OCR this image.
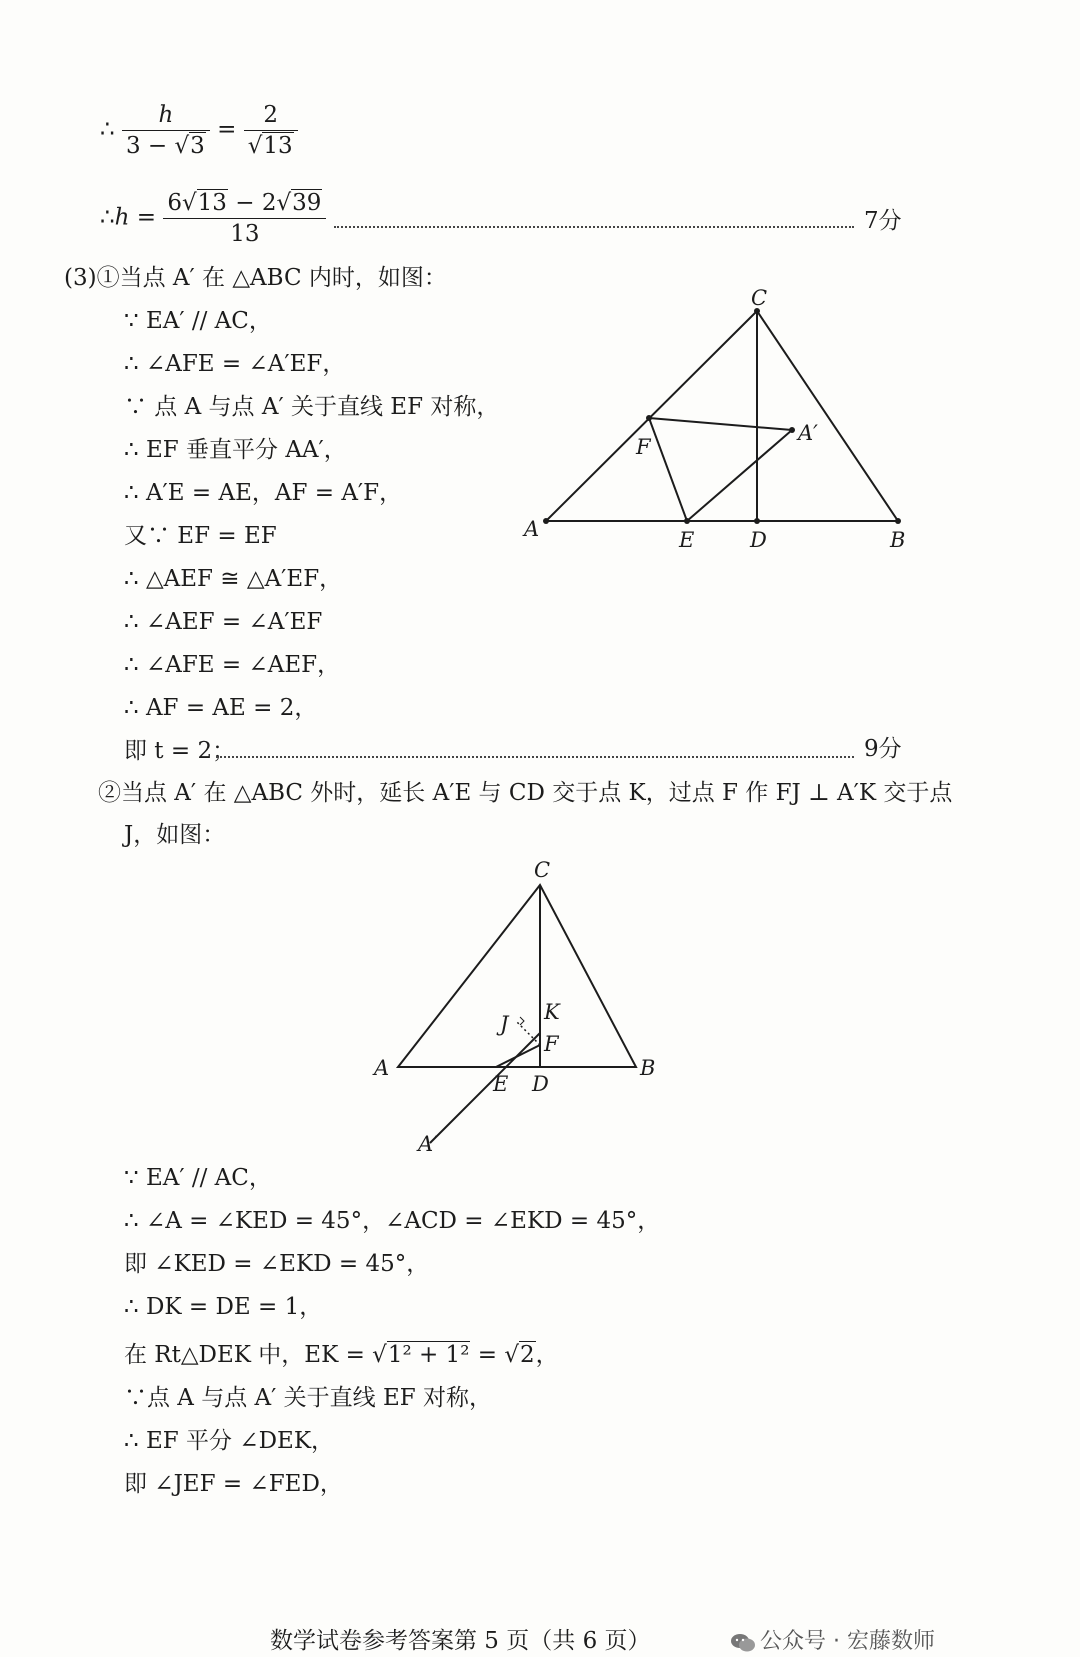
∴ $\frac{h}{3 - √3} = \frac{2}{√13}$
∴h = $\frac{6√13 - 2√39}{13}$	7分
(3)①当点 A′ 在 △ABC 内时，如图：
∵ EA′ // AC，
∴ ∠AFE = ∠A′EF，
∵ 点 A 与点 A′ 关于直线 EF 对称，
∴ EF 垂直平分 AA′，
∴ A′E = AE，AF = A′F，
又∵ EF = EF
∴ △AEF ≅ △A′EF，
∴ ∠AEF = ∠A′EF
∴ ∠AFE = ∠AEF，
∴ AF = AE = 2，
即 t = 2；	9分
②当点 A′ 在 △ABC 外时，延长 A′E 与 CD 交于点 K，过点 F 作 FJ ⊥ A′K 交于点
J，如图：
C
F
A′
A	E	D	B
C
K
J
F
A
E D
B
A′
∵ EA′ // AC，
∴ ∠A = ∠KED = 45°，∠ACD = ∠EKD = 45°，
即 ∠KED = ∠EKD = 45°，
∴ DK = DE = 1，
在 Rt△DEK 中，EK = √1² + 1² = √2，
∵点 A 与点 A′ 关于直线 EF 对称，
∴ EF 平分 ∠DEK，
即 ∠JEF = ∠FED，
数学试卷参考答案第 5 页（共 6 页）	公众号 · 宏藤数师
